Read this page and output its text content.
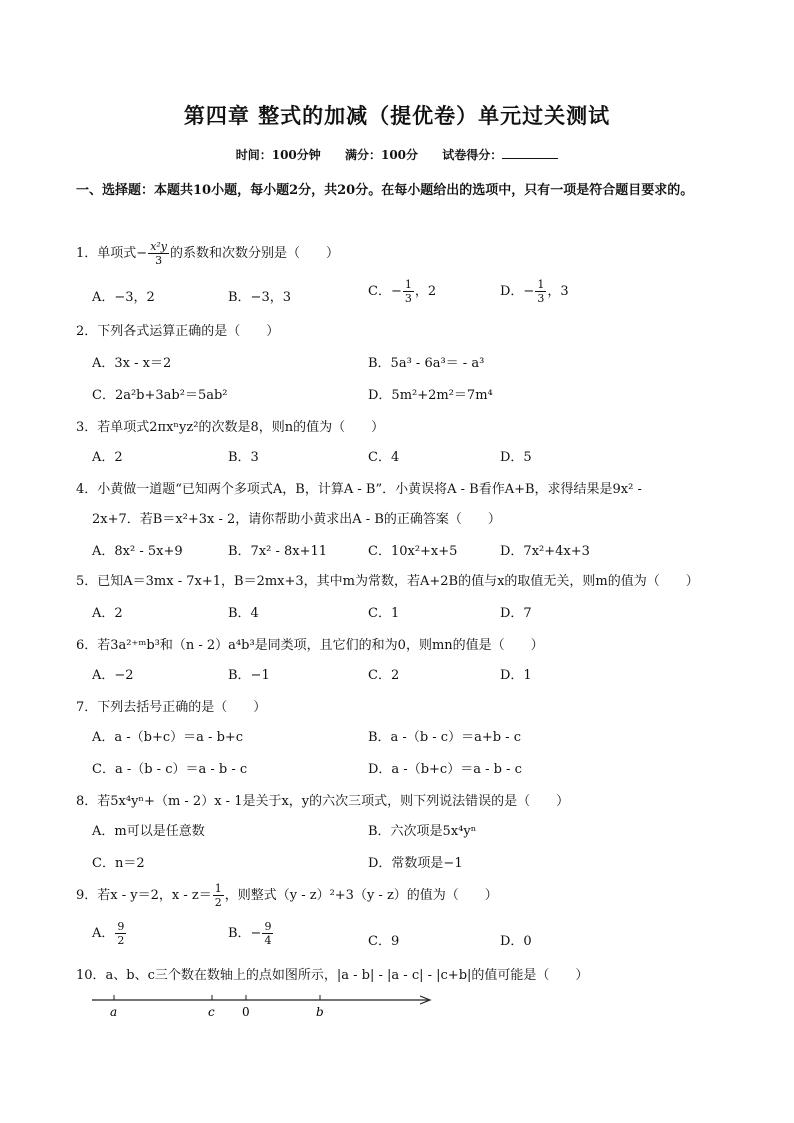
第四章 整式的加减（提优卷）单元过关测试
时间：100分钟 满分：100分 试卷得分：
一、选择题：本题共10小题，每小题2分，共20分。在每小题给出的选项中，只有一项是符合题目要求的。
1．单项式− $\frac{\text{x²y}}{3}$ 的系数和次数分别是（　　）
A．−3，2	B．−3，3	C．− $\frac{1}{3}$ ，2	D．− $\frac{1}{3}$ ，3
2．下列各式运算正确的是（　　）
A．3x - x＝2	B．5a³ - 6a³＝ - a³
C．2a²b+3ab²＝5ab²	D．5m²+2m²＝7m⁴
3．若单项式2πxⁿyz²的次数是8，则n的值为（　　）
A．2	B．3	C．4	D．5
4．小黄做一道题“已知两个多项式A，B，计算A - B”．小黄误将A - B看作A+B，求得结果是9x² -
2x+7．若B＝x²+3x - 2，请你帮助小黄求出A - B的正确答案（　　）
A．8x² - 5x+9	B．7x² - 8x+11	C．10x²+x+5	D．7x²+4x+3
5．已知A＝3mx - 7x+1，B＝2mx+3，其中m为常数，若A+2B的值与x的取值无关，则m的值为（　　）
A．2	B．4	C．1	D．7
6．若3a²⁺ᵐb³和（n - 2）a⁴b³是同类项，且它们的和为0，则mn的值是（　　）
A．−2	B．−1	C．2	D．1
7．下列去括号正确的是（　　）
A．a -（b+c）＝a - b+c	B．a -（b - c）＝a+b - c
C．a -（b - c）＝a - b - c	D．a -（b+c）＝a - b - c
8．若5x⁴yⁿ+（m - 2）x - 1是关于x，y的六次三项式，则下列说法错误的是（　　）
A．m可以是任意数	B．六次项是5x⁴yⁿ
C．n＝2	D．常数项是−1
9．若x - y＝2，$x - z= \frac{1}{2}$ ，则整式（y - z）²+3（y - z）的值为（　　）
A． $\frac{9}{2}$	B．− $\frac{9}{4}$	C．9	D．0
10．a、b、c三个数在数轴上的点如图所示，|a - b| - |a - c| - |c+b|的值可能是（　　）
a	c 0	b
